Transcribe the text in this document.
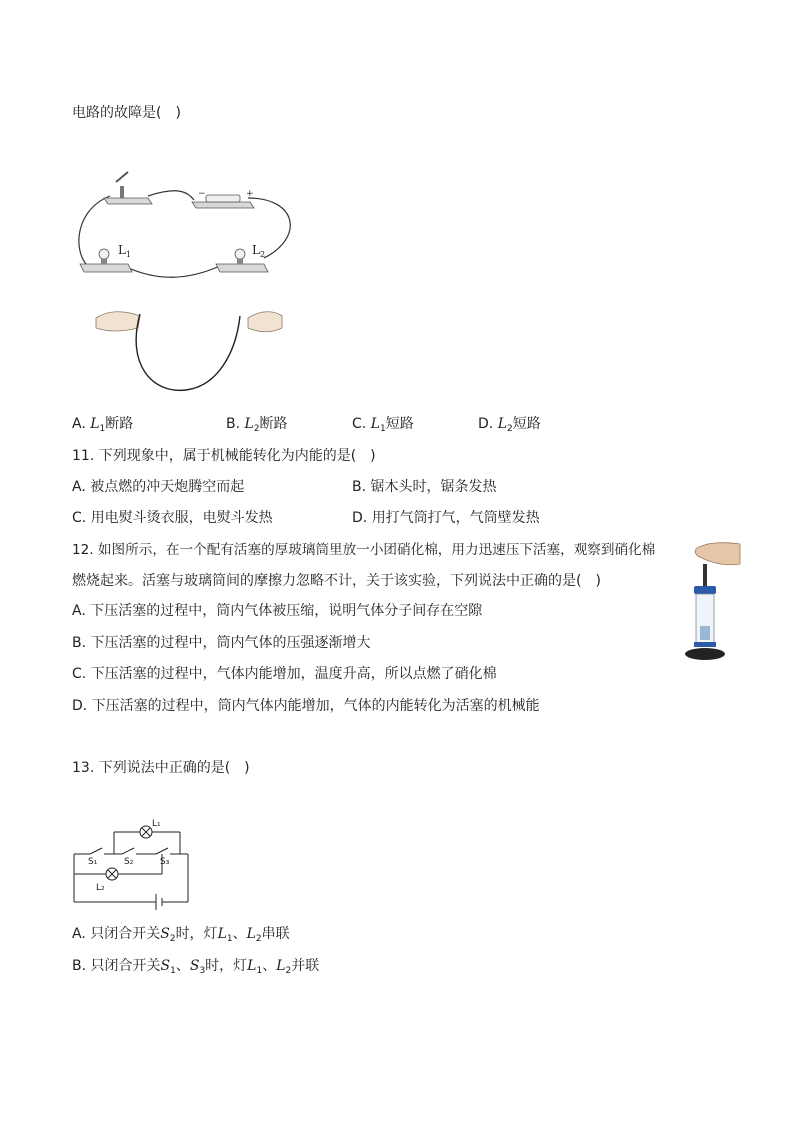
电路的故障是(　)
−	+
L 1	L 2
A. $L_1$断路	B. $L_2$断路	C. $L_1$短路	D. $L_2$短路
11. 下列现象中，属于机械能转化为内能的是(　)
A. 被点燃的冲天炮腾空而起	B. 锯木头时，锯条发热
C. 用电熨斗烫衣服，电熨斗发热	D. 用打气筒打气，气筒壁发热
12. 如图所示，在一个配有活塞的厚玻璃筒里放一小团硝化棉，用力迅速压下活塞，观察到硝化棉
燃烧起来。活塞与玻璃筒间的摩擦力忽略不计，关于该实验，下列说法中正确的是(　)
A. 下压活塞的过程中，筒内气体被压缩，说明气体分子间存在空隙
B. 下压活塞的过程中，筒内气体的压强逐渐增大
C. 下压活塞的过程中，气体内能增加，温度升高，所以点燃了硝化棉
D. 下压活塞的过程中，筒内气体内能增加，气体的内能转化为活塞的机械能
13. 下列说法中正确的是(　)
L₁
L₂
S₁	S₂	S₃
A. 只闭合开关$S_2$时，灯$L_1$、$L_2$串联
B. 只闭合开关$S_1$、$S_3$时，灯$L_1$、$L_2$并联
